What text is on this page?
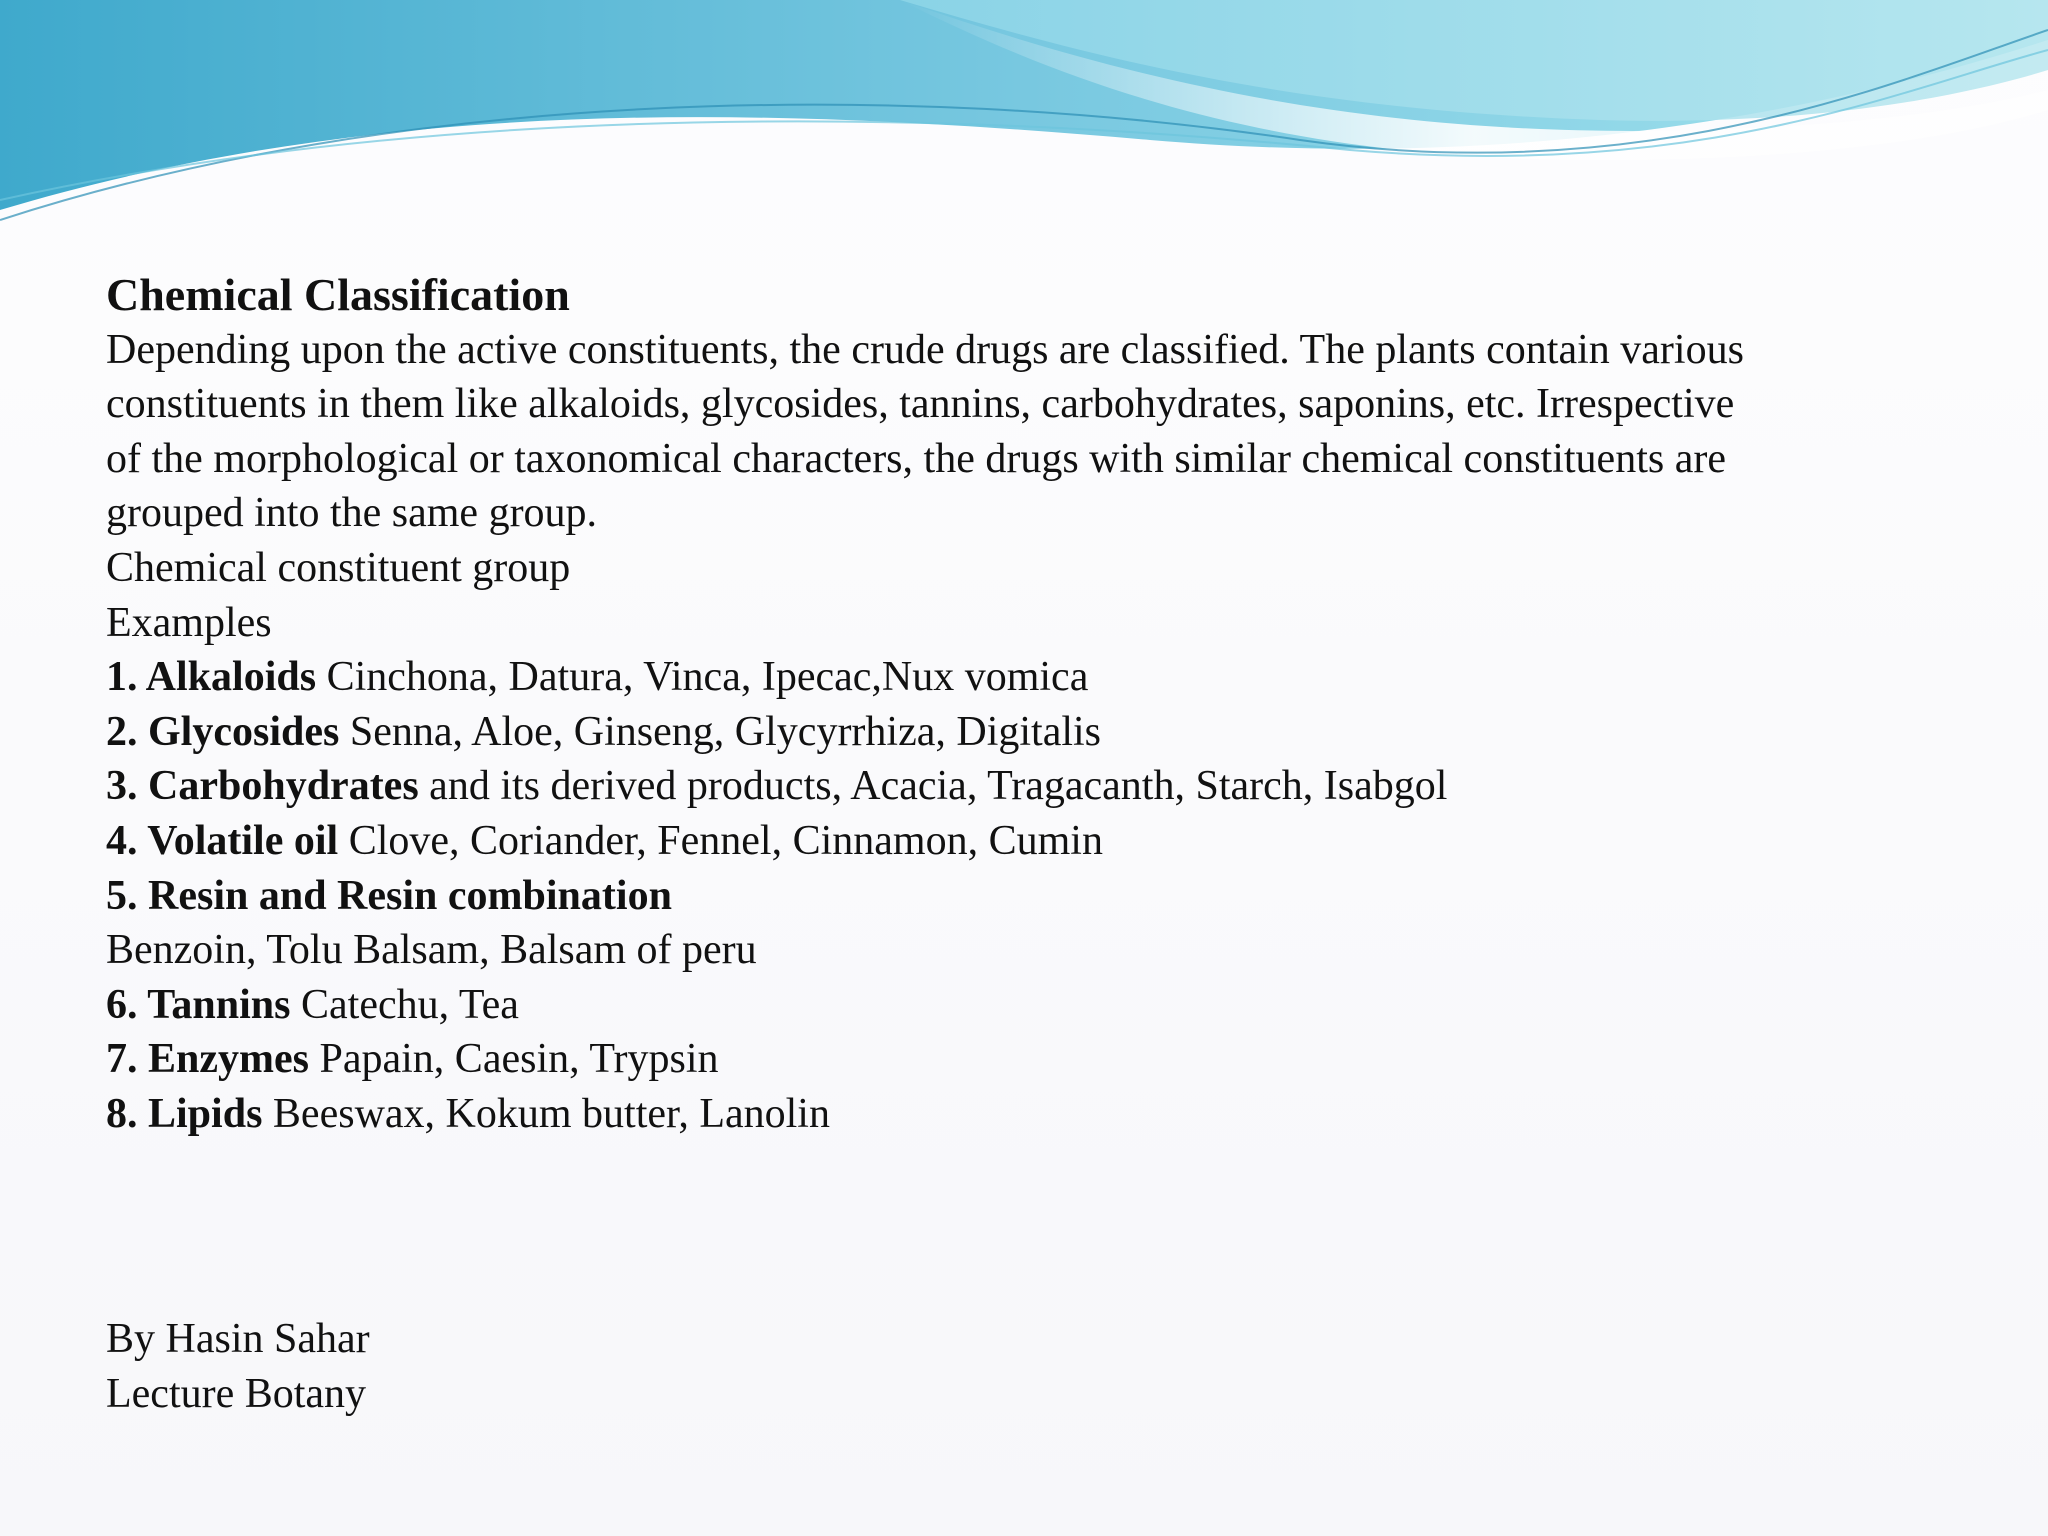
Chemical Classification
Depending upon the active constituents, the crude drugs are classified. The plants contain various
constituents in them like alkaloids, glycosides, tannins, carbohydrates, saponins, etc. Irrespective
of the morphological or taxonomical characters, the drugs with similar chemical constituents are
grouped into the same group.
Chemical constituent group
Examples
1. Alkaloids Cinchona, Datura, Vinca, Ipecac,Nux vomica
2. Glycosides Senna, Aloe, Ginseng, Glycyrrhiza, Digitalis
3. Carbohydrates and its derived products, Acacia, Tragacanth, Starch, Isabgol
4. Volatile oil Clove, Coriander, Fennel, Cinnamon, Cumin
5. Resin and Resin combination
Benzoin, Tolu Balsam, Balsam of peru
6. Tannins Catechu, Tea
7. Enzymes Papain, Caesin, Trypsin
8. Lipids Beeswax, Kokum butter, Lanolin
By Hasin Sahar
Lecture Botany
